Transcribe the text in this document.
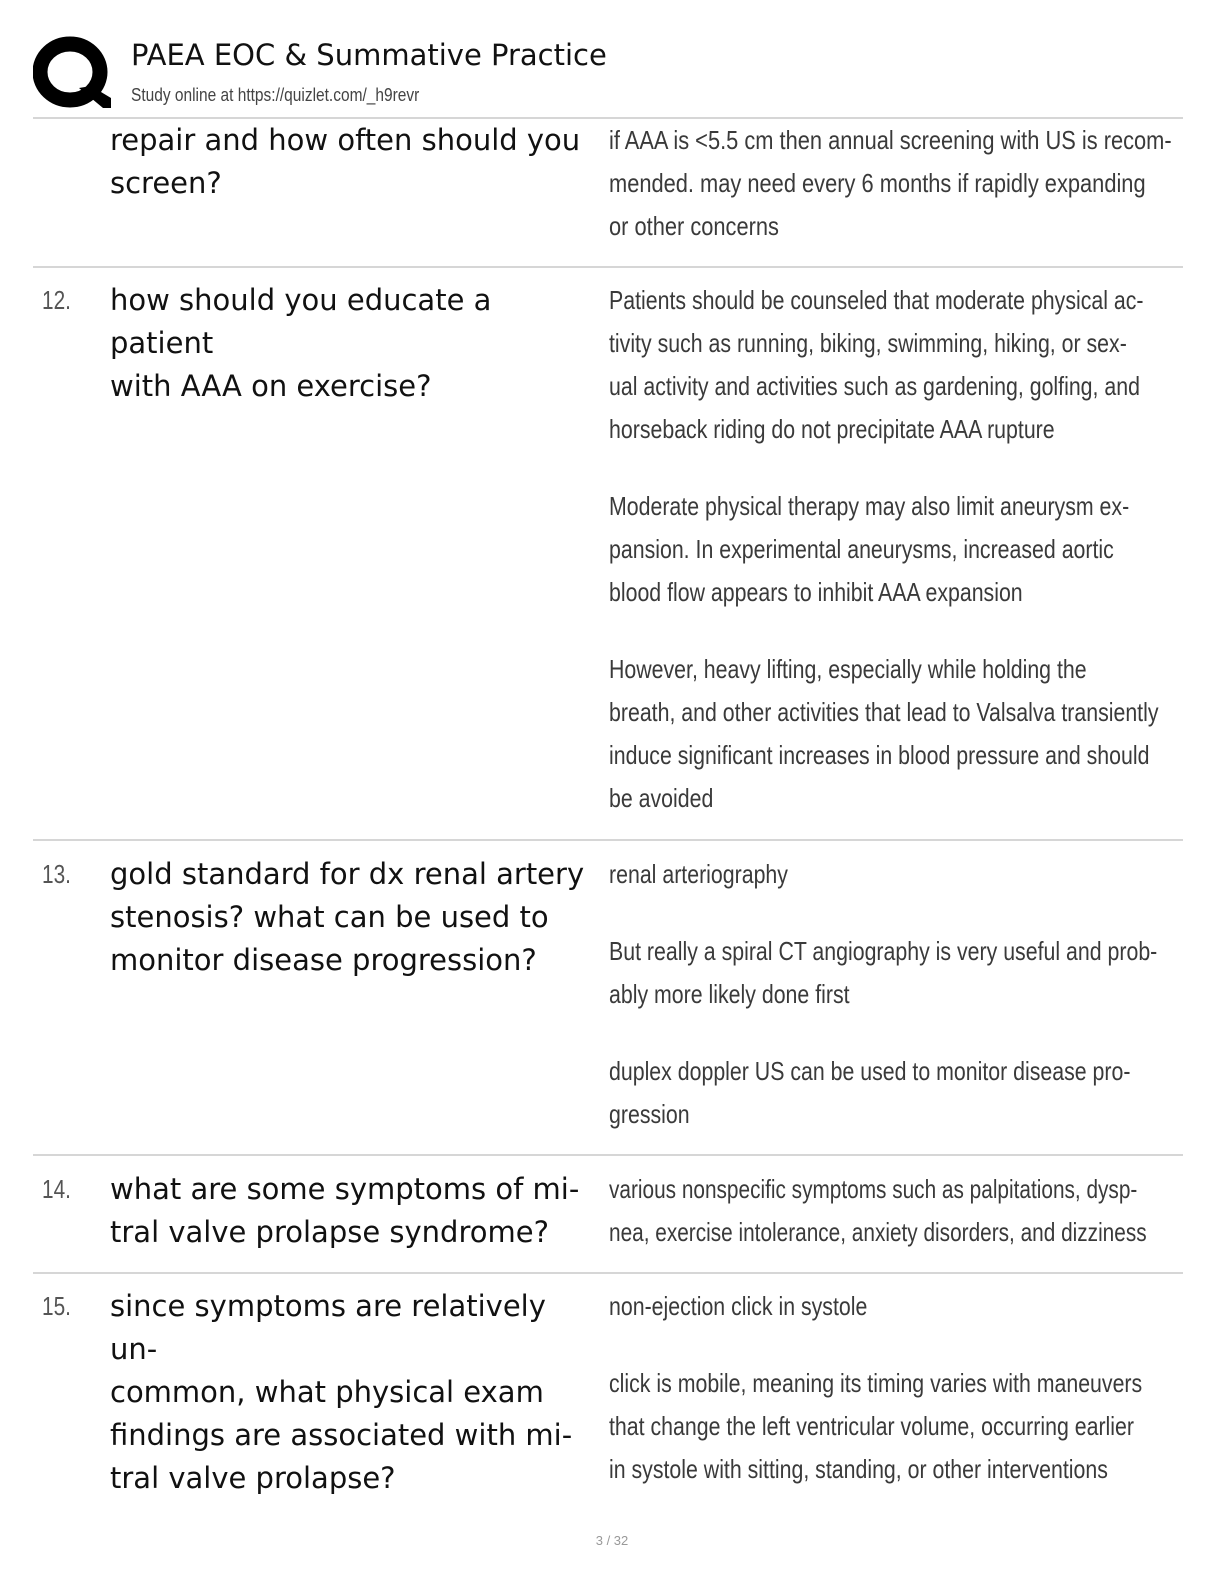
PAEA EOC & Summative Practice
Study online at https://quizlet.com/_h9revr
repair and how often should you
screen?
if AAA is <5.5 cm then annual screening with US is recom-
mended. may need every 6 months if rapidly expanding
or other concerns
12. how should you educate a patient
with AAA on exercise?
Patients should be counseled that moderate physical ac-
tivity such as running, biking, swimming, hiking, or sex-
ual activity and activities such as gardening, golfing, and
horseback riding do not precipitate AAA rupture
Moderate physical therapy may also limit aneurysm ex-
pansion. In experimental aneurysms, increased aortic
blood flow appears to inhibit AAA expansion
However, heavy lifting, especially while holding the
breath, and other activities that lead to Valsalva transiently
induce significant increases in blood pressure and should
be avoided
13. gold standard for dx renal artery
stenosis? what can be used to
monitor disease progression?
renal arteriography
But really a spiral CT angiography is very useful and prob-
ably more likely done first
duplex doppler US can be used to monitor disease pro-
gression
14. what are some symptoms of mi-
tral valve prolapse syndrome?
various nonspecific symptoms such as palpitations, dysp-
nea, exercise intolerance, anxiety disorders, and dizziness
15. since symptoms are relatively un-
common, what physical exam
findings are associated with mi-
tral valve prolapse?
non-ejection click in systole
click is mobile, meaning its timing varies with maneuvers
that change the left ventricular volume, occurring earlier
in systole with sitting, standing, or other interventions
3 / 32
